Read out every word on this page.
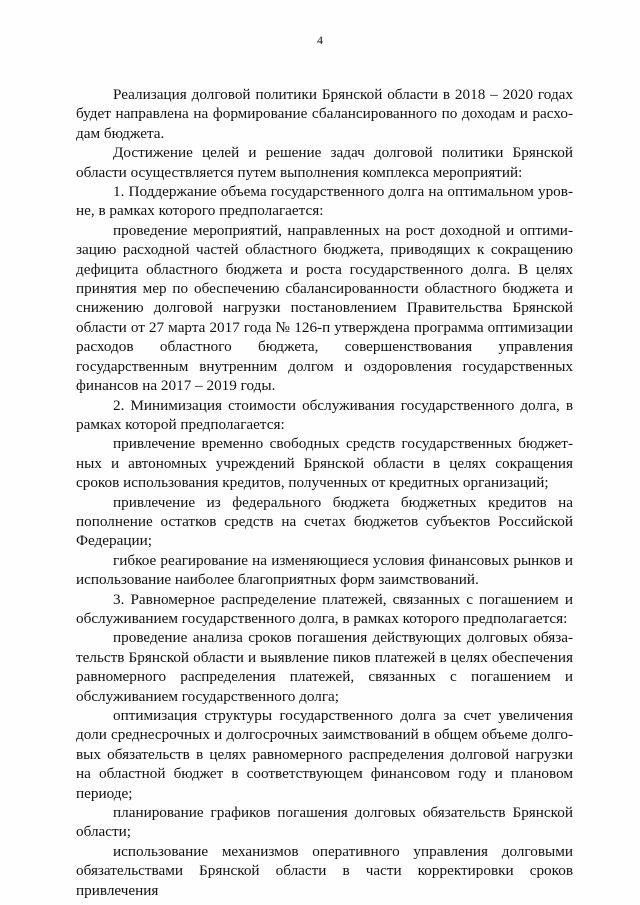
4

Реализация долговой политики Брянской области в 2018 – 2020 годах будет направлена на формирование сбалансированного по доходам и расходам бюджета.

Достижение целей и решение задач долговой политики Брянской области осуществляется путем выполнения комплекса мероприятий:

1. Поддержание объема государственного долга на оптимальном уровне, в рамках которого предполагается:

проведение мероприятий, направленных на рост доходной и оптимизацию расходной частей областного бюджета, приводящих к сокращению дефицита областного бюджета и роста государственного долга. В целях принятия мер по обеспечению сбалансированности областного бюджета и снижению долговой нагрузки постановлением Правительства Брянской области от 27 марта 2017 года № 126-п утверждена программа оптимизации расходов областного бюджета, совершенствования управления государственным внутренним долгом и оздоровления государственных финансов на 2017 – 2019 годы.

2. Минимизация стоимости обслуживания государственного долга, в рамках которой предполагается:

привлечение временно свободных средств государственных бюджетных и автономных учреждений Брянской области в целях сокращения сроков использования кредитов, полученных от кредитных организаций;

привлечение из федерального бюджета бюджетных кредитов на пополнение остатков средств на счетах бюджетов субъектов Российской Федерации;

гибкое реагирование на изменяющиеся условия финансовых рынков и использование наиболее благоприятных форм заимствований.

3. Равномерное распределение платежей, связанных с погашением и обслуживанием государственного долга, в рамках которого предполагается:

проведение анализа сроков погашения действующих долговых обязательств Брянской области и выявление пиков платежей в целях обеспечения равномерного распределения платежей, связанных с погашением и обслуживанием государственного долга;

оптимизация структуры государственного долга за счет увеличения доли среднесрочных и долгосрочных заимствований в общем объеме долговых обязательств в целях равномерного распределения долговой нагрузки на областной бюджет в соответствующем финансовом году и плановом периоде;

планирование графиков погашения долговых обязательств Брянской области;

использование механизмов оперативного управления долговыми обязательствами Брянской области в части корректировки сроков привлечения
